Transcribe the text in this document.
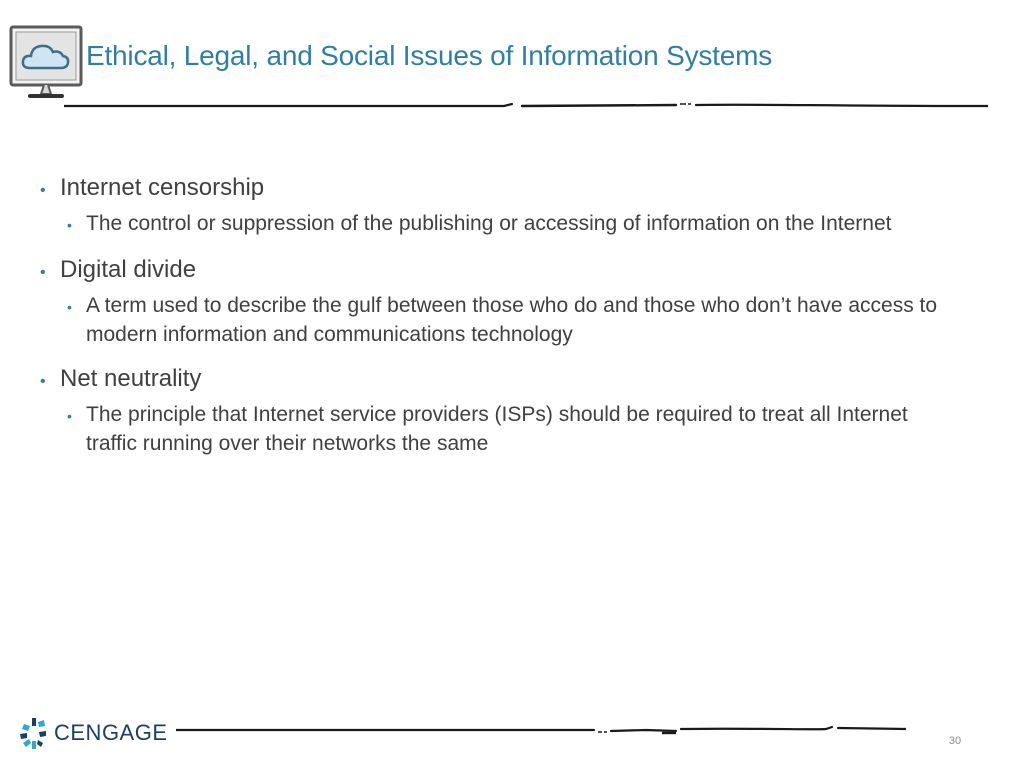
Ethical, Legal, and Social Issues of Information Systems
• Internet censorship
• The control or suppression of the publishing or accessing of information on the Internet
• Digital divide
• A term used to describe the gulf between those who do and those who don’t have access to modern information and communications technology
• Net neutrality
• The principle that Internet service providers (ISPs) should be required to treat all Internet traffic running over their networks the same
CENGAGE	30
